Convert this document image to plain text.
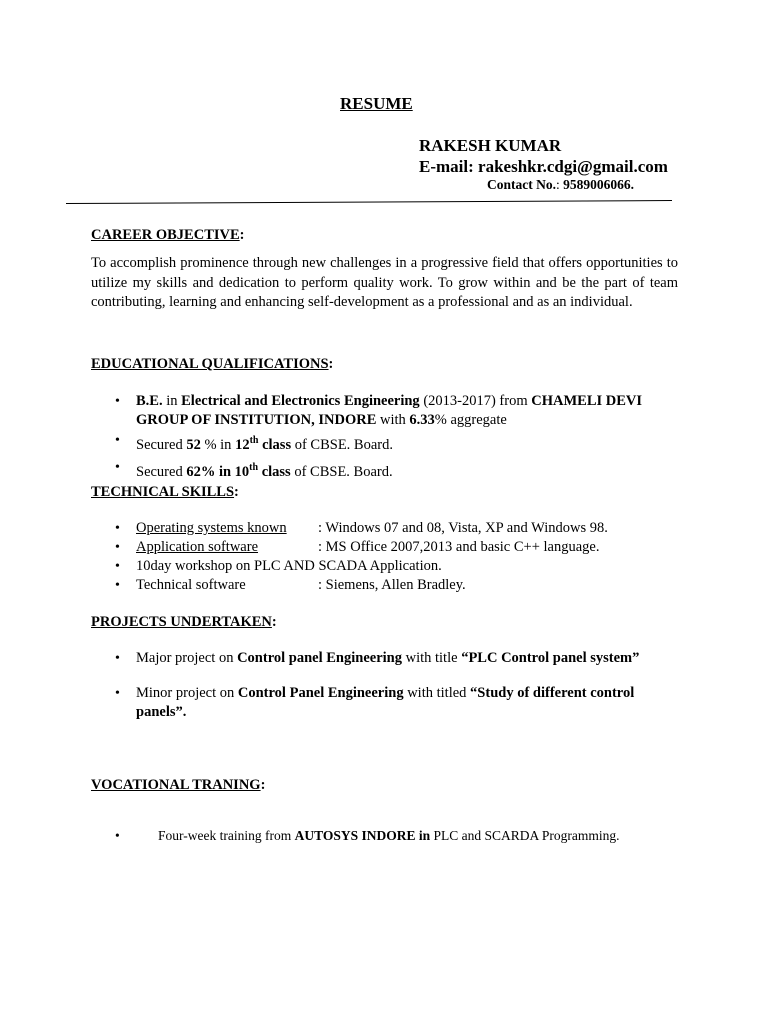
RESUME
RAKESH KUMAR
E-mail: rakeshkr.cdgi@gmail.com
Contact No.: 9589006066.
CAREER OBJECTIVE:
To accomplish prominence through new challenges in a progressive field that offers opportunities to utilize my skills and dedication to perform quality work. To grow within and be the part of team contributing, learning and enhancing self-development as a professional and as an individual.
EDUCATIONAL QUALIFICATIONS:
• B.E. in Electrical and Electronics Engineering (2013-2017) from CHAMELI DEVI GROUP OF INSTITUTION, INDORE with 6.33% aggregate
• Secured 52 % in 12th class of CBSE. Board.
• Secured 62% in 10th class of CBSE. Board.
TECHNICAL SKILLS:
• Operating systems known : Windows 07 and 08, Vista, XP and Windows 98.
• Application software	: MS Office 2007,2013 and basic C++ language.
• 10day workshop on PLC AND SCADA Application.
• Technical software	: Siemens, Allen Bradley.
PROJECTS UNDERTAKEN:
• Major project on Control panel Engineering with title “PLC Control panel system”
• Minor project on Control Panel Engineering with titled “Study of different control panels”.
VOCATIONAL TRANING:
•	Four-week training from AUTOSYS INDORE in PLC and SCARDA Programming.
